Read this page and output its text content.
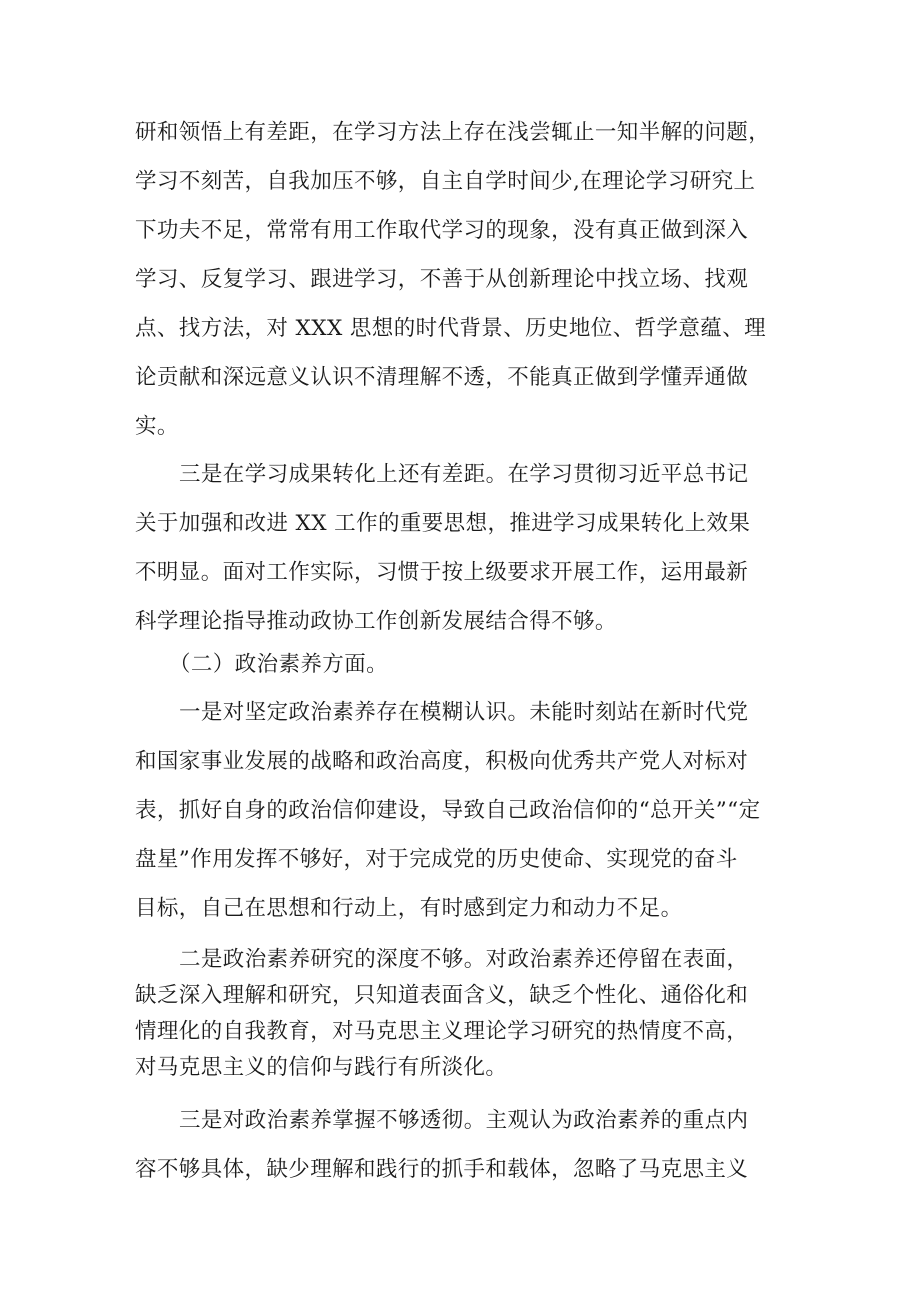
研和领悟上有差距，在学习方法上存在浅尝辄止一知半解的问题，
学习不刻苦，自我加压不够，自主自学时间少,在理论学习研究上
下功夫不足，常常有用工作取代学习的现象，没有真正做到深入
学习、反复学习、跟进学习，不善于从创新理论中找立场、找观
点、找方法，对 XXX 思想的时代背景、历史地位、哲学意蕴、理
论贡献和深远意义认识不清理解不透，不能真正做到学懂弄通做
实。
三是在学习成果转化上还有差距。在学习贯彻习近平总书记
关于加强和改进 XX 工作的重要思想，推进学习成果转化上效果
不明显。面对工作实际，习惯于按上级要求开展工作，运用最新
科学理论指导推动政协工作创新发展结合得不够。
（二）政治素养方面。
一是对坚定政治素养存在模糊认识。未能时刻站在新时代党
和国家事业发展的战略和政治高度，积极向优秀共产党人对标对
表，抓好自身的政治信仰建设，导致自己政治信仰的“总开关”“定
盘星”作用发挥不够好，对于完成党的历史使命、实现党的奋斗
目标，自己在思想和行动上，有时感到定力和动力不足。
二是政治素养研究的深度不够。对政治素养还停留在表面，
缺乏深入理解和研究，只知道表面含义，缺乏个性化、通俗化和
情理化的自我教育，对马克思主义理论学习研究的热情度不高，
对马克思主义的信仰与践行有所淡化。
三是对政治素养掌握不够透彻。主观认为政治素养的重点内
容不够具体，缺少理解和践行的抓手和载体，忽略了马克思主义
